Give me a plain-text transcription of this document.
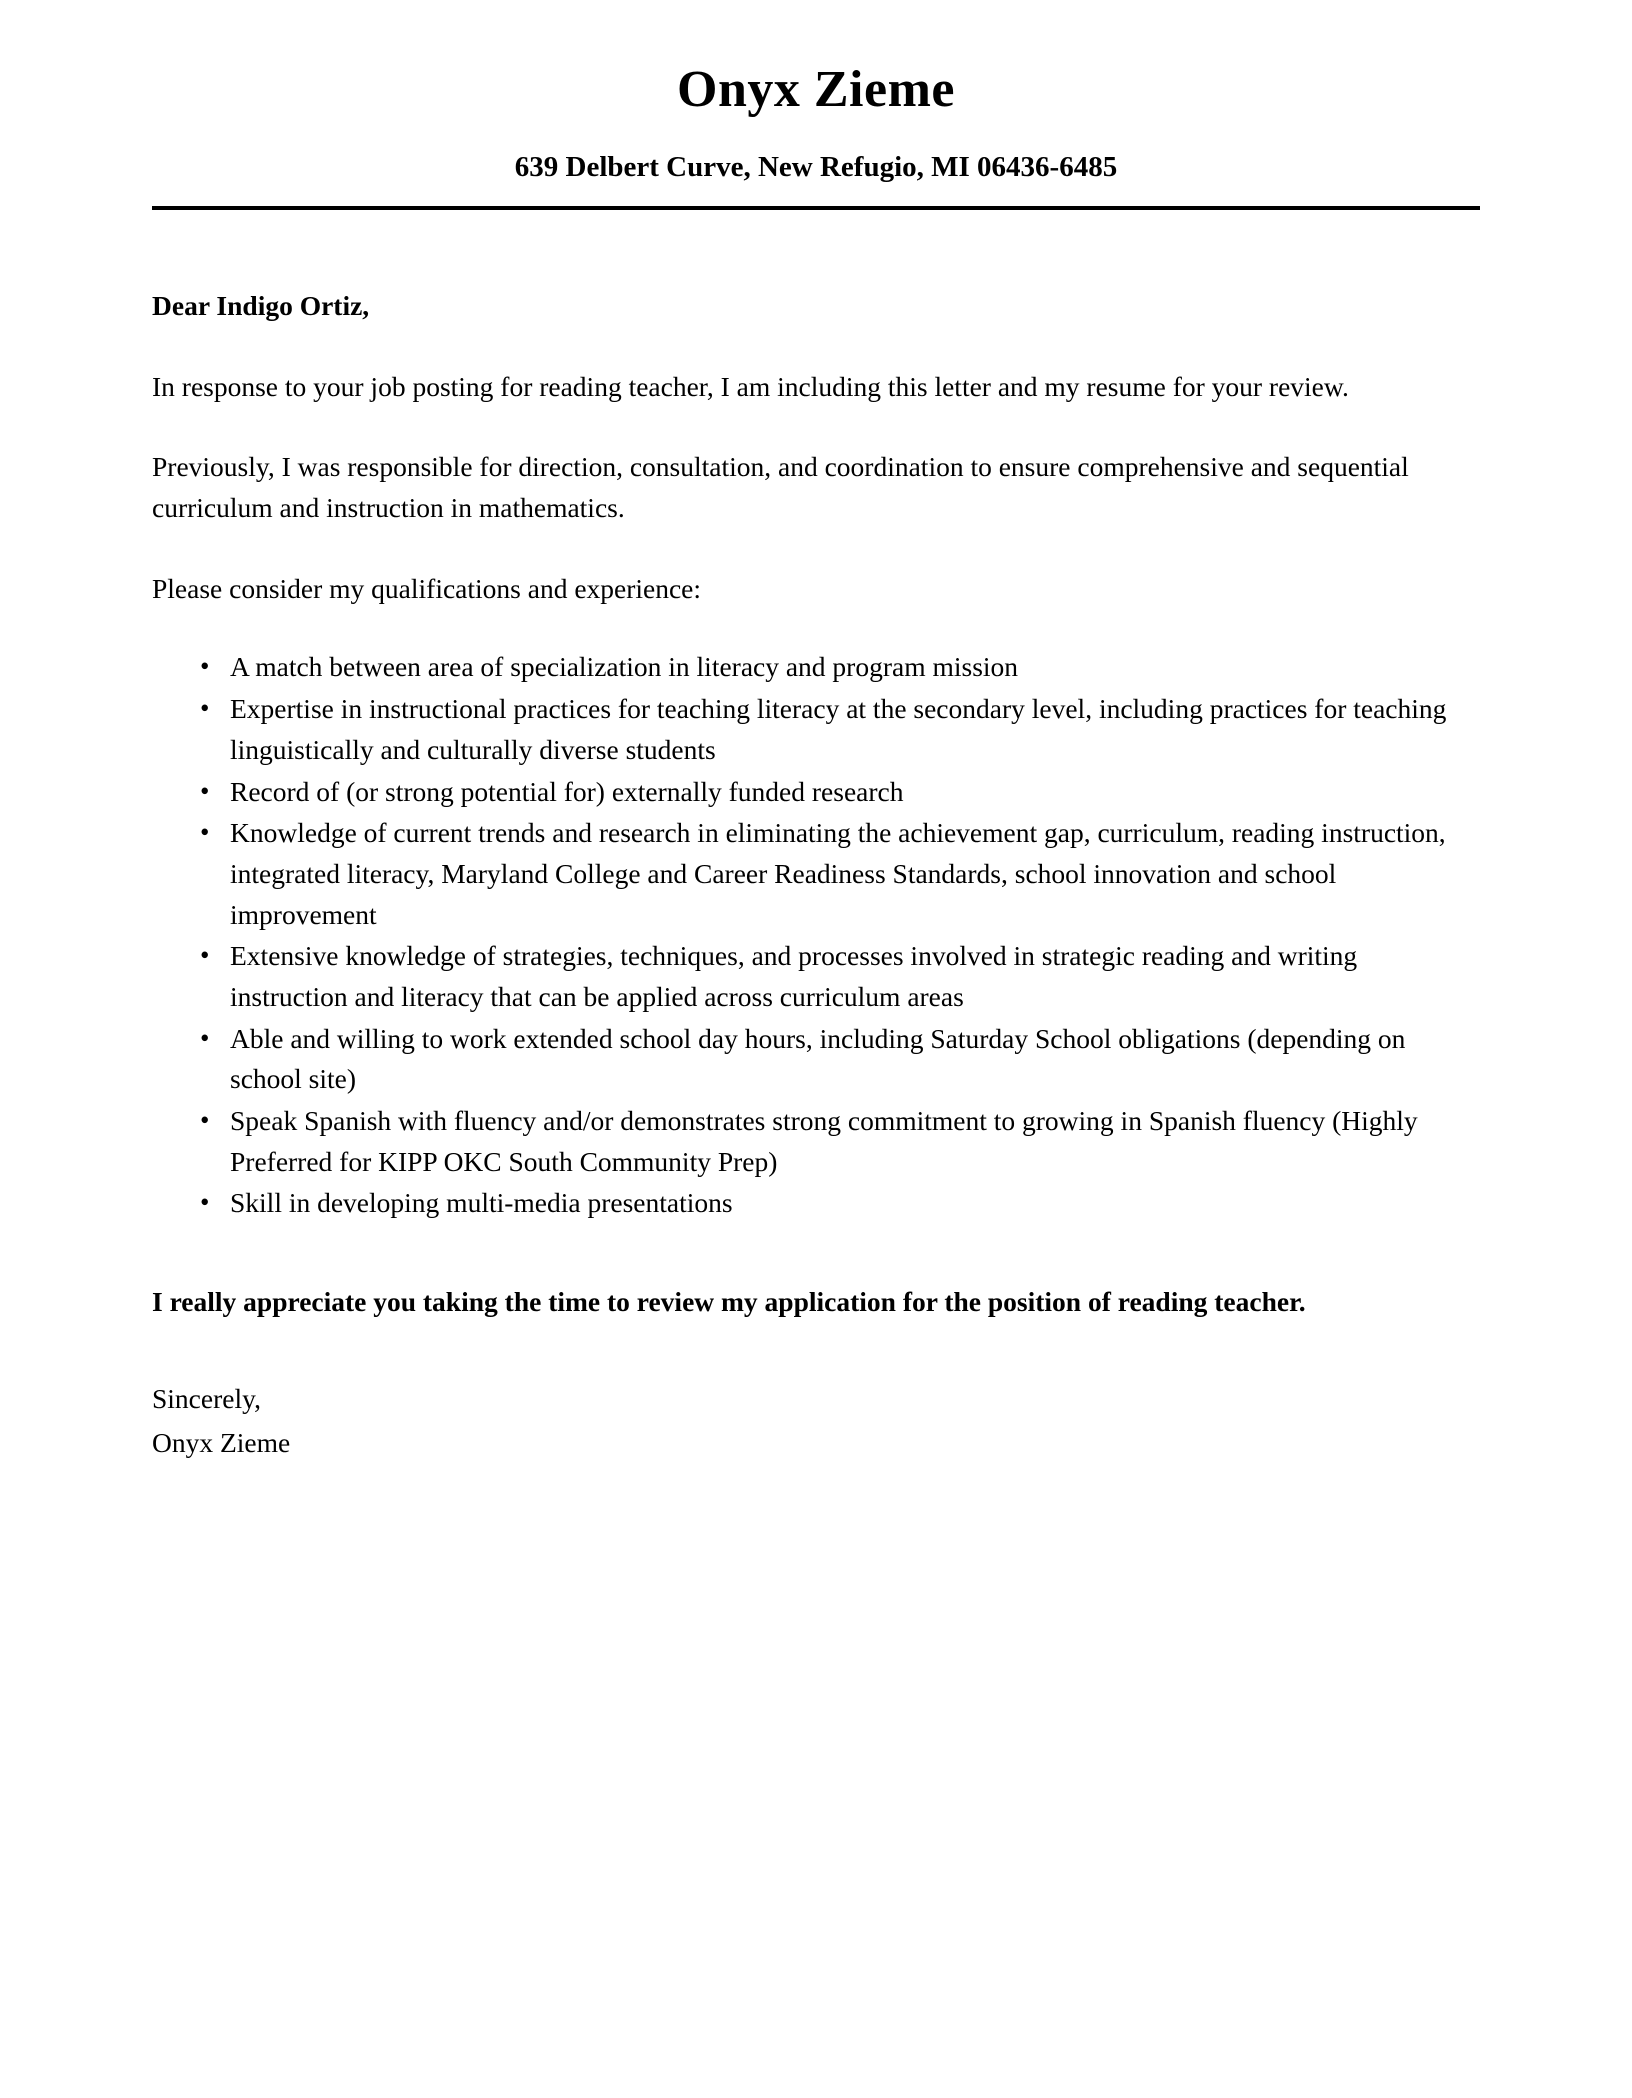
Onyx Zieme
639 Delbert Curve, New Refugio, MI 06436-6485

Dear Indigo Ortiz,

In response to your job posting for reading teacher, I am including this letter and my resume for your review.

Previously, I was responsible for direction, consultation, and coordination to ensure comprehensive and sequential curriculum and instruction in mathematics.

Please consider my qualifications and experience:

• A match between area of specialization in literacy and program mission
• Expertise in instructional practices for teaching literacy at the secondary level, including practices for teaching linguistically and culturally diverse students
• Record of (or strong potential for) externally funded research
• Knowledge of current trends and research in eliminating the achievement gap, curriculum, reading instruction, integrated literacy, Maryland College and Career Readiness Standards, school innovation and school improvement
• Extensive knowledge of strategies, techniques, and processes involved in strategic reading and writing instruction and literacy that can be applied across curriculum areas
• Able and willing to work extended school day hours, including Saturday School obligations (depending on school site)
• Speak Spanish with fluency and/or demonstrates strong commitment to growing in Spanish fluency (Highly Preferred for KIPP OKC South Community Prep)
• Skill in developing multi-media presentations

I really appreciate you taking the time to review my application for the position of reading teacher.

Sincerely,

Onyx Zieme
